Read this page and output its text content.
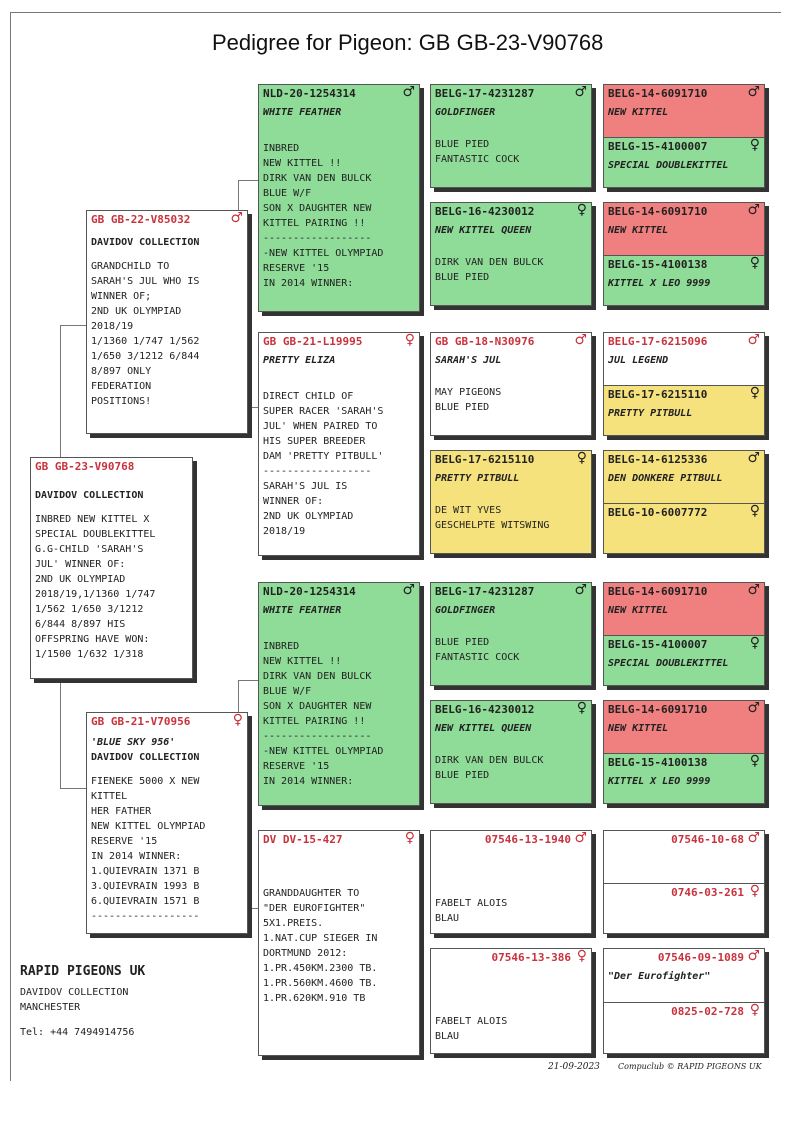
Pedigree for Pigeon: GB GB-23-V90768
GB GB-23-V90768
DAVIDOV COLLECTION
INBRED NEW KITTEL X
SPECIAL DOUBLEKITTEL
G.G-CHILD 'SARAH'S
JUL' WINNER OF:
2ND UK OLYMPIAD
2018/19,1/1360 1/747
1/562 1/650 3/1212
6/844 8/897 HIS
OFFSPRING HAVE WON:
1/1500 1/632 1/318
GB GB-22-V85032	♂
DAVIDOV COLLECTION
GRANDCHILD TO
SARAH'S JUL WHO IS
WINNER OF;
2ND UK OLYMPIAD
2018/19
1/1360 1/747 1/562
1/650 3/1212 6/844
8/897 ONLY
FEDERATION
POSITIONS!
GB GB-21-V70956	♀
'BLUE SKY 956'
DAVIDOV COLLECTION
FIENEKE 5000 X NEW
KITTEL
HER FATHER
NEW KITTEL OLYMPIAD
RESERVE '15
IN 2014 WINNER:
1.QUIEVRAIN 1371 B
3.QUIEVRAIN 1993 B
6.QUIEVRAIN 1571 B
------------------
NLD-20-1254314	♂
WHITE FEATHER
INBRED
NEW KITTEL !!
DIRK VAN DEN BULCK
BLUE W/F
SON X DAUGHTER NEW
KITTEL PAIRING !!
------------------
-NEW KITTEL OLYMPIAD
RESERVE '15
IN 2014 WINNER:
GB GB-21-L19995	♀
PRETTY ELIZA
DIRECT CHILD OF
SUPER RACER 'SARAH'S
JUL' WHEN PAIRED TO
HIS SUPER BREEDER
DAM 'PRETTY PITBULL'
------------------
SARAH'S JUL IS
WINNER OF:
2ND UK OLYMPIAD
2018/19
NLD-20-1254314	♂
WHITE FEATHER
INBRED
NEW KITTEL !!
DIRK VAN DEN BULCK
BLUE W/F
SON X DAUGHTER NEW
KITTEL PAIRING !!
------------------
-NEW KITTEL OLYMPIAD
RESERVE '15
IN 2014 WINNER:
DV DV-15-427	♀
GRANDDAUGHTER TO
"DER EUROFIGHTER"
5X1.PREIS.
1.NAT.CUP SIEGER IN
DORTMUND 2012:
1.PR.450KM.2300 TB.
1.PR.560KM.4600 TB.
1.PR.620KM.910 TB
BELG-17-4231287	♂
GOLDFINGER
BLUE PIED
FANTASTIC COCK
BELG-16-4230012	♀
NEW KITTEL QUEEN
DIRK VAN DEN BULCK
BLUE PIED
GB GB-18-N30976	♂
SARAH'S JUL
MAY PIGEONS
BLUE PIED
BELG-17-6215110	♀
PRETTY PITBULL
DE WIT YVES
GESCHELPTE WITSWING
BELG-17-4231287	♂
GOLDFINGER
BLUE PIED
FANTASTIC COCK
BELG-16-4230012	♀
NEW KITTEL QUEEN
DIRK VAN DEN BULCK
BLUE PIED
07546-13-1940 ♂
FABELT ALOIS
BLAU
07546-13-386 ♀
FABELT ALOIS
BLAU
BELG-14-6091710	♂
NEW KITTEL
BELG-15-4100007	♀
SPECIAL DOUBLEKITTEL
BELG-14-6091710	♂
NEW KITTEL
BELG-15-4100138	♀
KITTEL X LEO 9999
BELG-17-6215096	♂
JUL LEGEND
BELG-17-6215110	♀
PRETTY PITBULL
BELG-14-6125336	♂
DEN DONKERE PITBULL
BELG-10-6007772	♀
BELG-14-6091710	♂
NEW KITTEL
BELG-15-4100007	♀
SPECIAL DOUBLEKITTEL
BELG-14-6091710	♂
NEW KITTEL
BELG-15-4100138	♀
KITTEL X LEO 9999
07546-10-68 ♂
0746-03-261 ♀
07546-09-1089 ♂
"Der Eurofighter"
0825-02-728 ♀
RAPID PIGEONS UK
DAVIDOV COLLECTION
MANCHESTER
Tel: +44 7494914756
21-09-2023 Compuclub © RAPID PIGEONS UK
